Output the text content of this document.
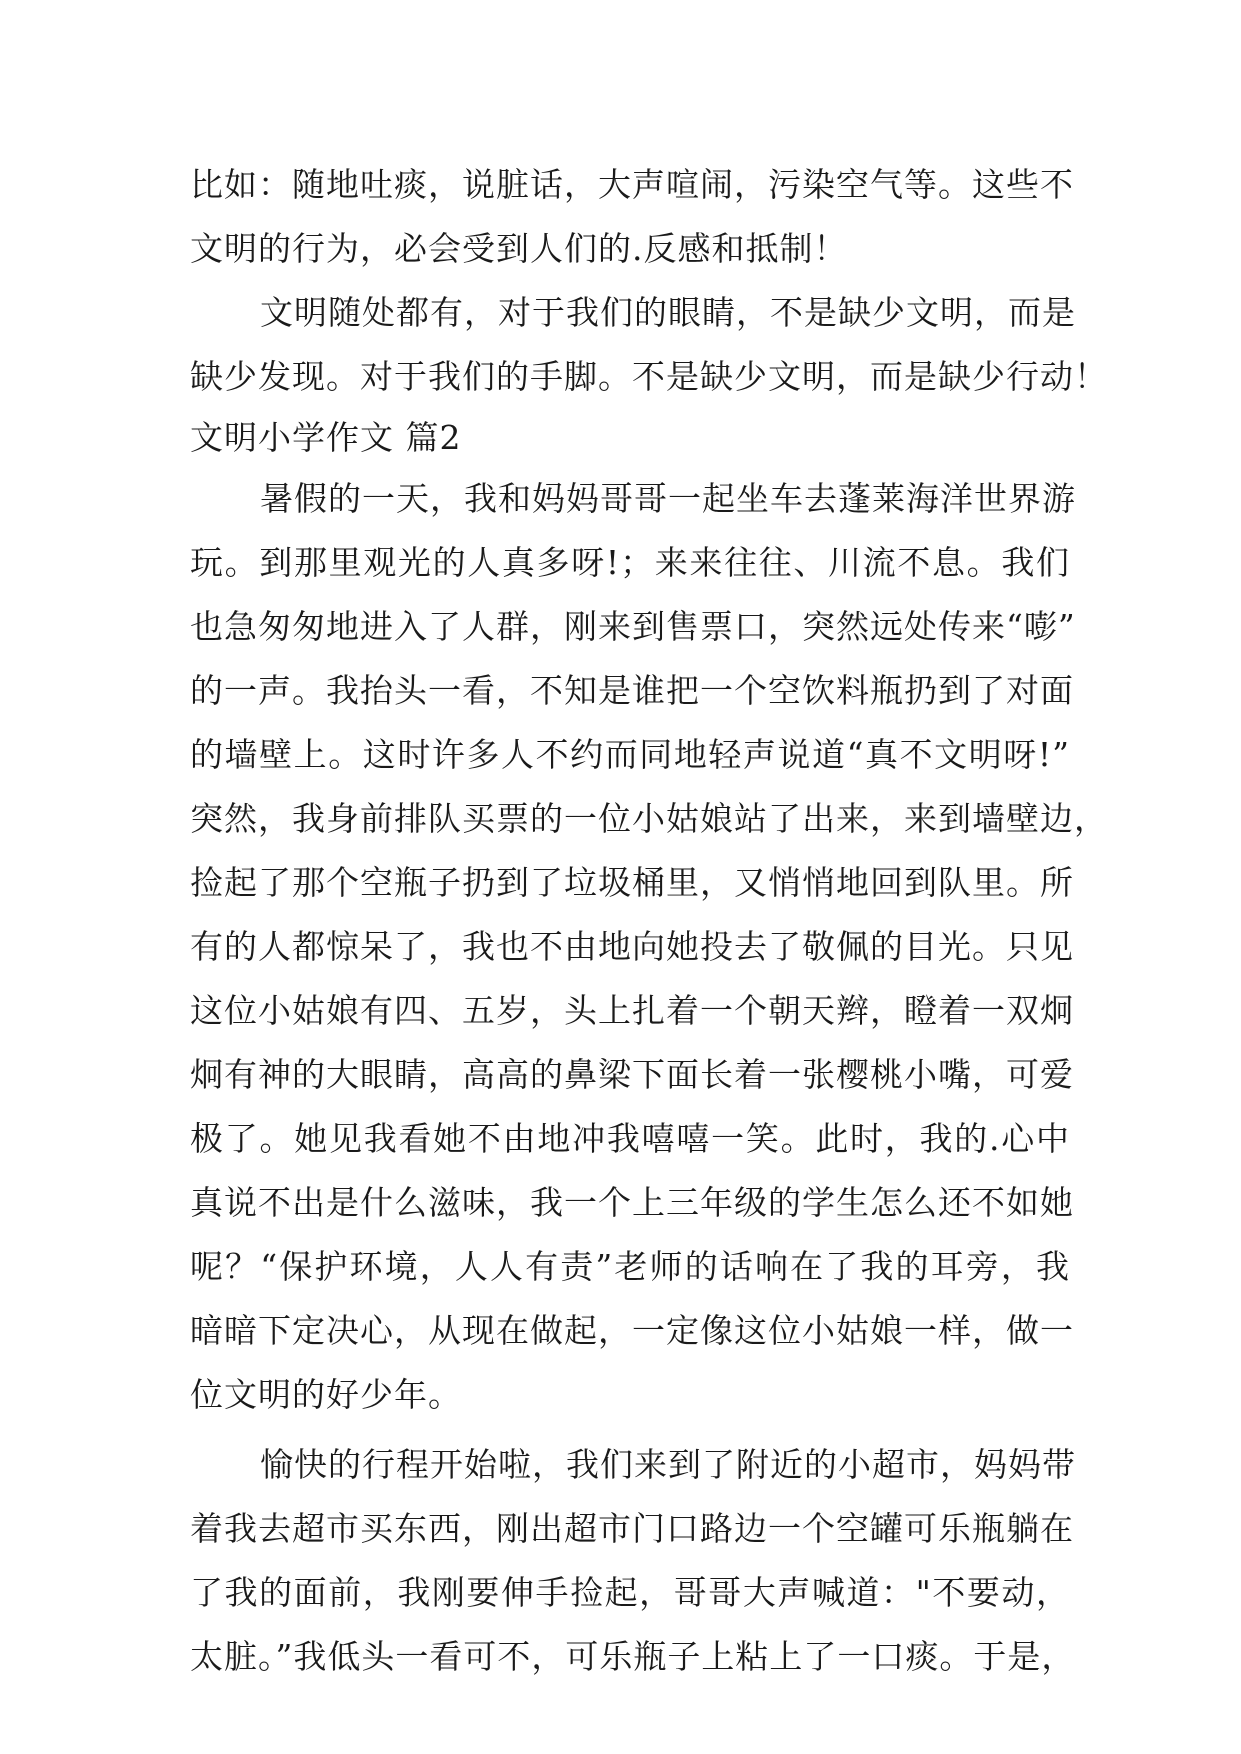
比如：随地吐痰，说脏话，大声喧闹，污染空气等。这些不
文明的行为，必会受到人们的.反感和抵制！
文明随处都有，对于我们的眼睛，不是缺少文明，而是
缺少发现。对于我们的手脚。不是缺少文明，而是缺少行动！
文明小学作文 篇2
暑假的一天，我和妈妈哥哥一起坐车去蓬莱海洋世界游
玩。到那里观光的人真多呀!；来来往往、川流不息。我们
也急匆匆地进入了人群，刚来到售票口，突然远处传来“嘭”
的一声。我抬头一看，不知是谁把一个空饮料瓶扔到了对面
的墙壁上。这时许多人不约而同地轻声说道“真不文明呀!”
突然，我身前排队买票的一位小姑娘站了出来，来到墙壁边，
捡起了那个空瓶子扔到了垃圾桶里，又悄悄地回到队里。所
有的人都惊呆了，我也不由地向她投去了敬佩的目光。只见
这位小姑娘有四、五岁，头上扎着一个朝天辫，瞪着一双炯
炯有神的大眼睛，高高的鼻梁下面长着一张樱桃小嘴，可爱
极了。她见我看她不由地冲我嘻嘻一笑。此时，我的.心中
真说不出是什么滋味，我一个上三年级的学生怎么还不如她
呢？“保护环境，人人有责”老师的话响在了我的耳旁，我
暗暗下定决心，从现在做起，一定像这位小姑娘一样，做一
位文明的好少年。
愉快的行程开始啦，我们来到了附近的小超市，妈妈带
着我去超市买东西，刚出超市门口路边一个空罐可乐瓶躺在
了我的面前，我刚要伸手捡起，哥哥大声喊道："不要动，
太脏。”我低头一看可不，可乐瓶子上粘上了一口痰。于是，
